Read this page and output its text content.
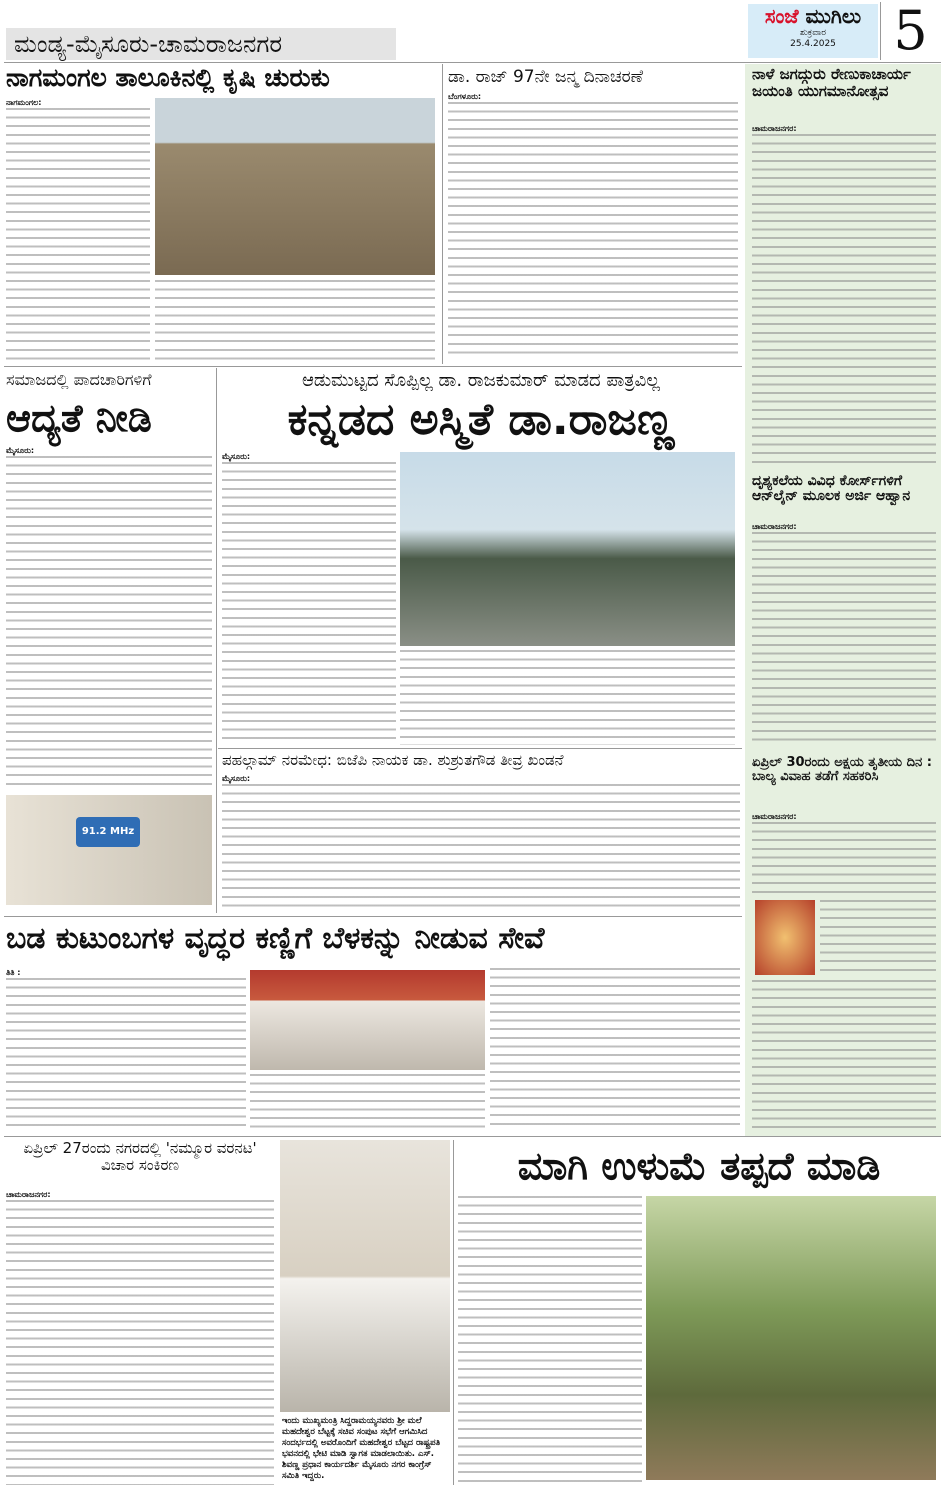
ಮಂಡ್ಯ-ಮೈಸೂರು-ಚಾಮರಾಜನಗರ
ಸಂಜೆ ಮುಗಿಲು
ಶುಕ್ರವಾರ
25.4.2025	5
ನಾಗಮಂಗಲ ತಾಲೂಕಿನಲ್ಲಿ ಕೃಷಿ ಚುರುಕು
ನಾಗಮಂಗಲ:
ಡಾ. ರಾಜ್ 97ನೇ ಜನ್ಮ ದಿನಾಚರಣೆ
ಬೆಂಗಳೂರು:
ನಾಳೆ ಜಗದ್ಗುರು ರೇಣುಕಾಚಾರ್ಯ ಜಯಂತಿ ಯುಗಮಾನೋತ್ಸವ
ಚಾಮರಾಜನಗರ:
ದೃಶ್ಯಕಲೆಯ ವಿವಿಧ ಕೋರ್ಸ್‌ಗಳಿಗೆ ಆನ್‌ಲೈನ್ ಮೂಲಕ ಅರ್ಜಿ ಆಹ್ವಾನ
ಚಾಮರಾಜನಗರ:
ಏಪ್ರಿಲ್ 30ರಂದು ಅಕ್ಷಯ ತೃತೀಯ ದಿನ : ಬಾಲ್ಯ ವಿವಾಹ ತಡೆಗೆ ಸಹಕರಿಸಿ
ಚಾಮರಾಜನಗರ:
ಸಮಾಜದಲ್ಲಿ ಪಾದಚಾರಿಗಳಿಗೆ
ಆದ್ಯತೆ ನೀಡಿ
ಮೈಸೂರು:
91.2 MHz
ಆಡುಮುಟ್ಟದ ಸೊಪ್ಪಿಲ್ಲ ಡಾ. ರಾಜಕುಮಾರ್ ಮಾಡದ ಪಾತ್ರವಿಲ್ಲ
ಕನ್ನಡದ ಅಸ್ಮಿತೆ ಡಾ.ರಾಜಣ್ಣ
ಮೈಸೂರು:
ಪಹಲ್ಗಾಮ್ ನರಮೇಧ: ಬಿಜೆಪಿ ನಾಯಕ ಡಾ. ಶುಶ್ರುತಗೌಡ ತೀವ್ರ ಖಂಡನೆ
ಮೈಸೂರು:
ಬಡ ಕುಟುಂಬಗಳ ವೃದ್ಧರ ಕಣ್ಣಿಗೆ ಬೆಳಕನ್ನು ನೀಡುವ ಸೇವೆ
ತಿತಿ :
ಏಪ್ರಿಲ್ 27ರಂದು ನಗರದಲ್ಲಿ 'ನಮ್ಮೂರ ವರನಟ' ವಿಚಾರ ಸಂಕಿರಣ
ಚಾಮರಾಜನಗರ:
ಇಂದು ಮುಖ್ಯಮಂತ್ರಿ ಸಿದ್ದರಾಮಯ್ಯನವರು ಶ್ರೀ ಮಲೆ ಮಹದೇಶ್ವರ ಬೆಟ್ಟಕ್ಕೆ ಸಚಿವ ಸಂಪುಟ ಸಭೆಗೆ ಆಗಮಿಸಿದ ಸಂದರ್ಭದಲ್ಲಿ ಅವರೊಂದಿಗೆ ಮಹದೇಶ್ವರ ಬೆಟ್ಟದ ರಾಷ್ಟ್ರಪತಿ ಭವನದಲ್ಲಿ ಭೇಟಿ ಮಾಡಿ ಸ್ವಾಗತ ಮಾಡಲಾಯಿತು. ಎಸ್. ಶಿವಣ್ಣ ಪ್ರಧಾನ ಕಾರ್ಯದರ್ಶಿ ಮೈಸೂರು ನಗರ ಕಾಂಗ್ರೆಸ್ ಸಮಿತಿ ಇದ್ದರು.
ಮಾಗಿ ಉಳುಮೆ ತಪ್ಪದೆ ಮಾಡಿ
